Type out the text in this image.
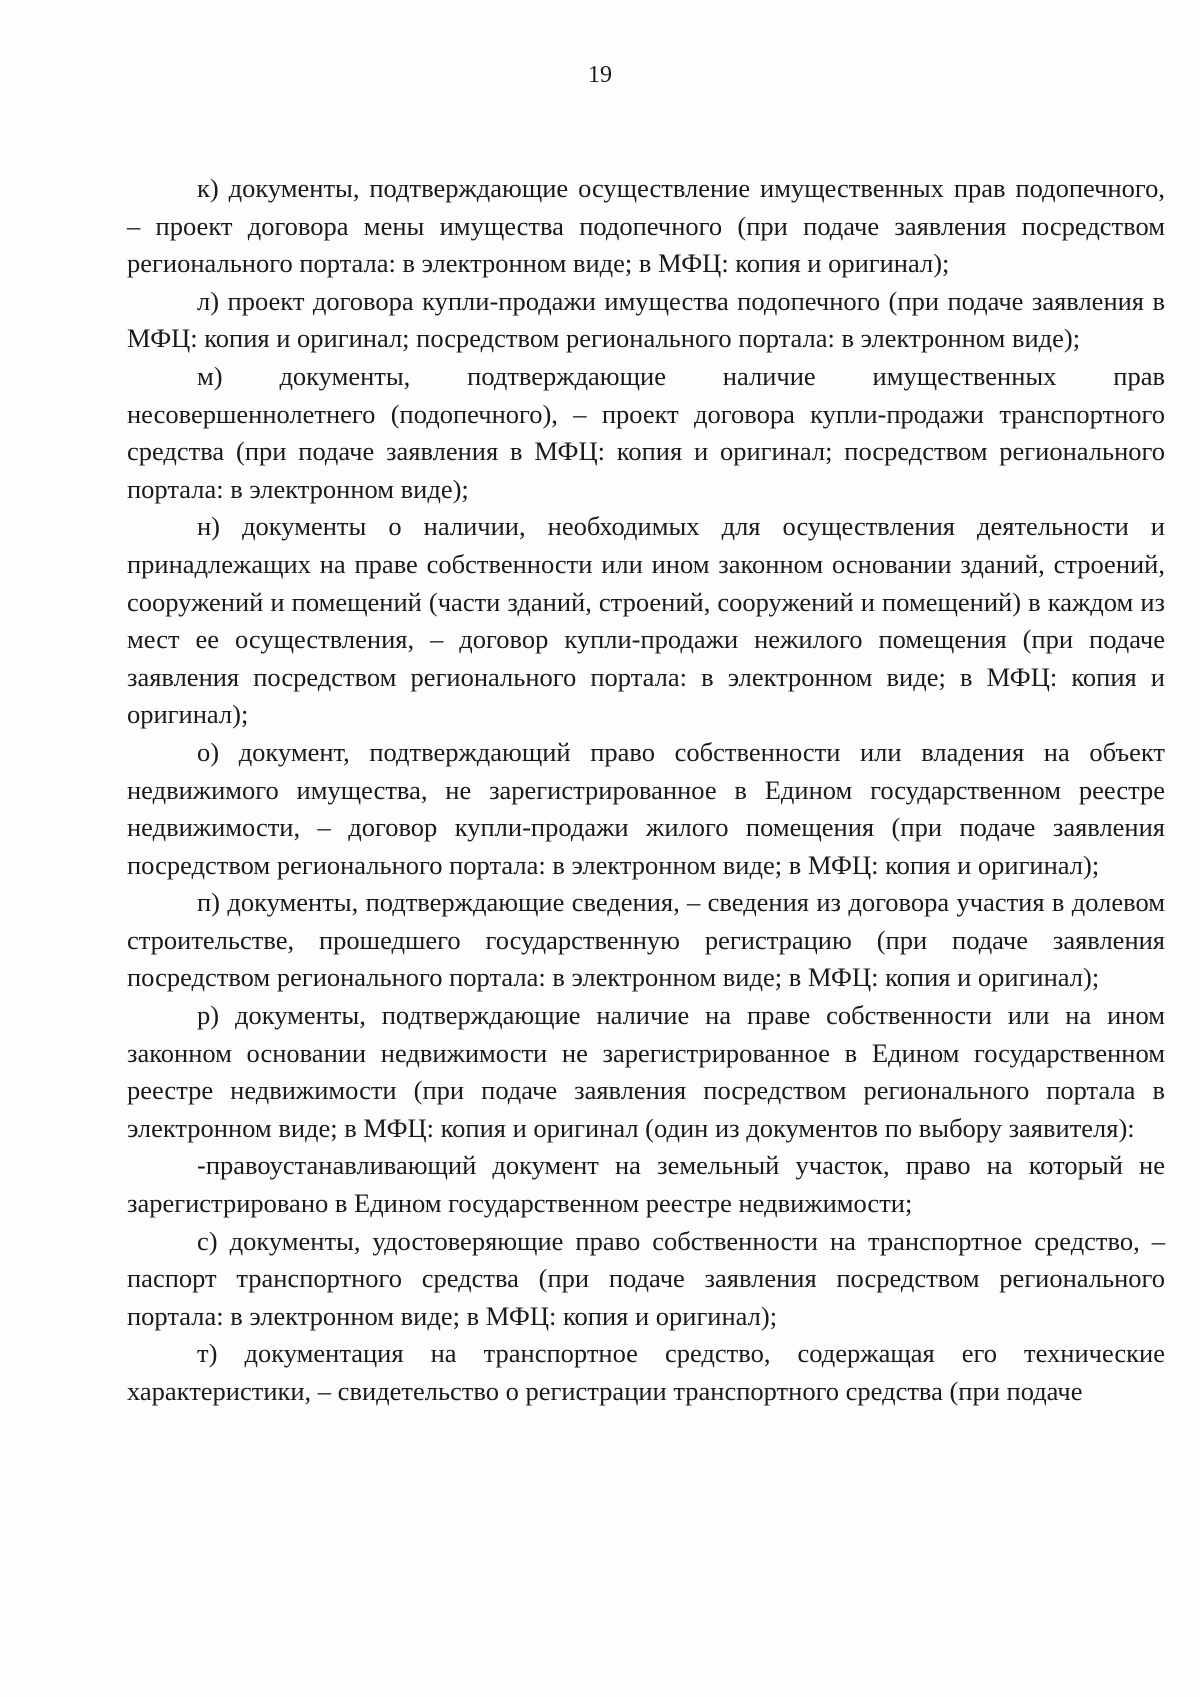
19

к) документы, подтверждающие осуществление имущественных прав подопечного, – проект договора мены имущества подопечного (при подаче заявления посредством регионального портала: в электронном виде; в МФЦ: копия и оригинал);

л) проект договора купли-продажи имущества подопечного (при подаче заявления в МФЦ: копия и оригинал; посредством регионального портала: в электронном виде);

м) документы, подтверждающие наличие имущественных прав несовершеннолетнего (подопечного), – проект договора купли-продажи транспортного средства (при подаче заявления в МФЦ: копия и оригинал; посредством регионального портала: в электронном виде);

н) документы о наличии, необходимых для осуществления деятельности и принадлежащих на праве собственности или ином законном основании зданий, строений, сооружений и помещений (части зданий, строений, сооружений и помещений) в каждом из мест ее осуществления, – договор купли-продажи нежилого помещения (при подаче заявления посредством регионального портала: в электронном виде; в МФЦ: копия и оригинал);

о) документ, подтверждающий право собственности или владения на объект недвижимого имущества, не зарегистрированное в Едином государственном реестре недвижимости, – договор купли-продажи жилого помещения (при подаче заявления посредством регионального портала: в электронном виде; в МФЦ: копия и оригинал);

п) документы, подтверждающие сведения, – сведения из договора участия в долевом строительстве, прошедшего государственную регистрацию (при подаче заявления посредством регионального портала: в электронном виде; в МФЦ: копия и оригинал);

р) документы, подтверждающие наличие на праве собственности или на ином законном основании недвижимости не зарегистрированное в Едином государственном реестре недвижимости (при подаче заявления посредством регионального портала в электронном виде; в МФЦ: копия и оригинал (один из документов по выбору заявителя):

-правоустанавливающий документ на земельный участок, право на который не зарегистрировано в Едином государственном реестре недвижимости;

с) документы, удостоверяющие право собственности на транспортное средство, – паспорт транспортного средства (при подаче заявления посредством регионального портала: в электронном виде; в МФЦ: копия и оригинал);

т) документация на транспортное средство, содержащая его технические характеристики, – свидетельство о регистрации транспортного средства (при подаче
